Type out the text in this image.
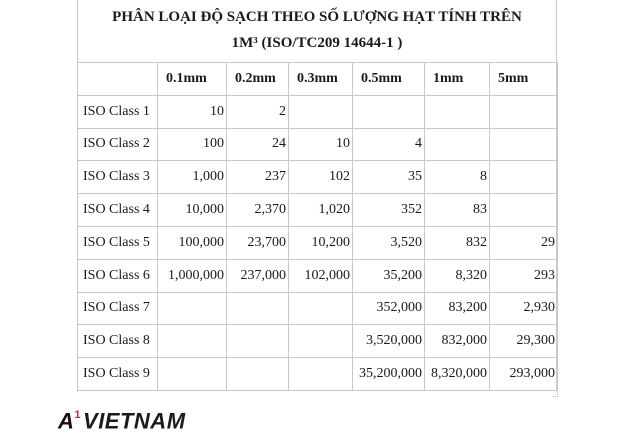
PHÂN LOẠI ĐỘ SẠCH THEO SỐ LƯỢNG HẠT TÍNH TRÊN
1M³ (ISO/TC209 14644-1 )
	0.1mm	0.2mm	0.3mm	0.5mm	1mm	5mm
ISO Class 1	10	2				
ISO Class 2	100	24	10	4		
ISO Class 3	1,000	237	102	35	8	
ISO Class 4	10,000	2,370	1,020	352	83	
ISO Class 5	100,000	23,700	10,200	3,520	832	29
ISO Class 6	1,000,000	237,000	102,000	35,200	8,320	293
ISO Class 7				352,000	83,200	2,930
ISO Class 8				3,520,000	832,000	29,300
ISO Class 9				35,200,000	8,320,000	293,000
$A^1VIETNAM$
